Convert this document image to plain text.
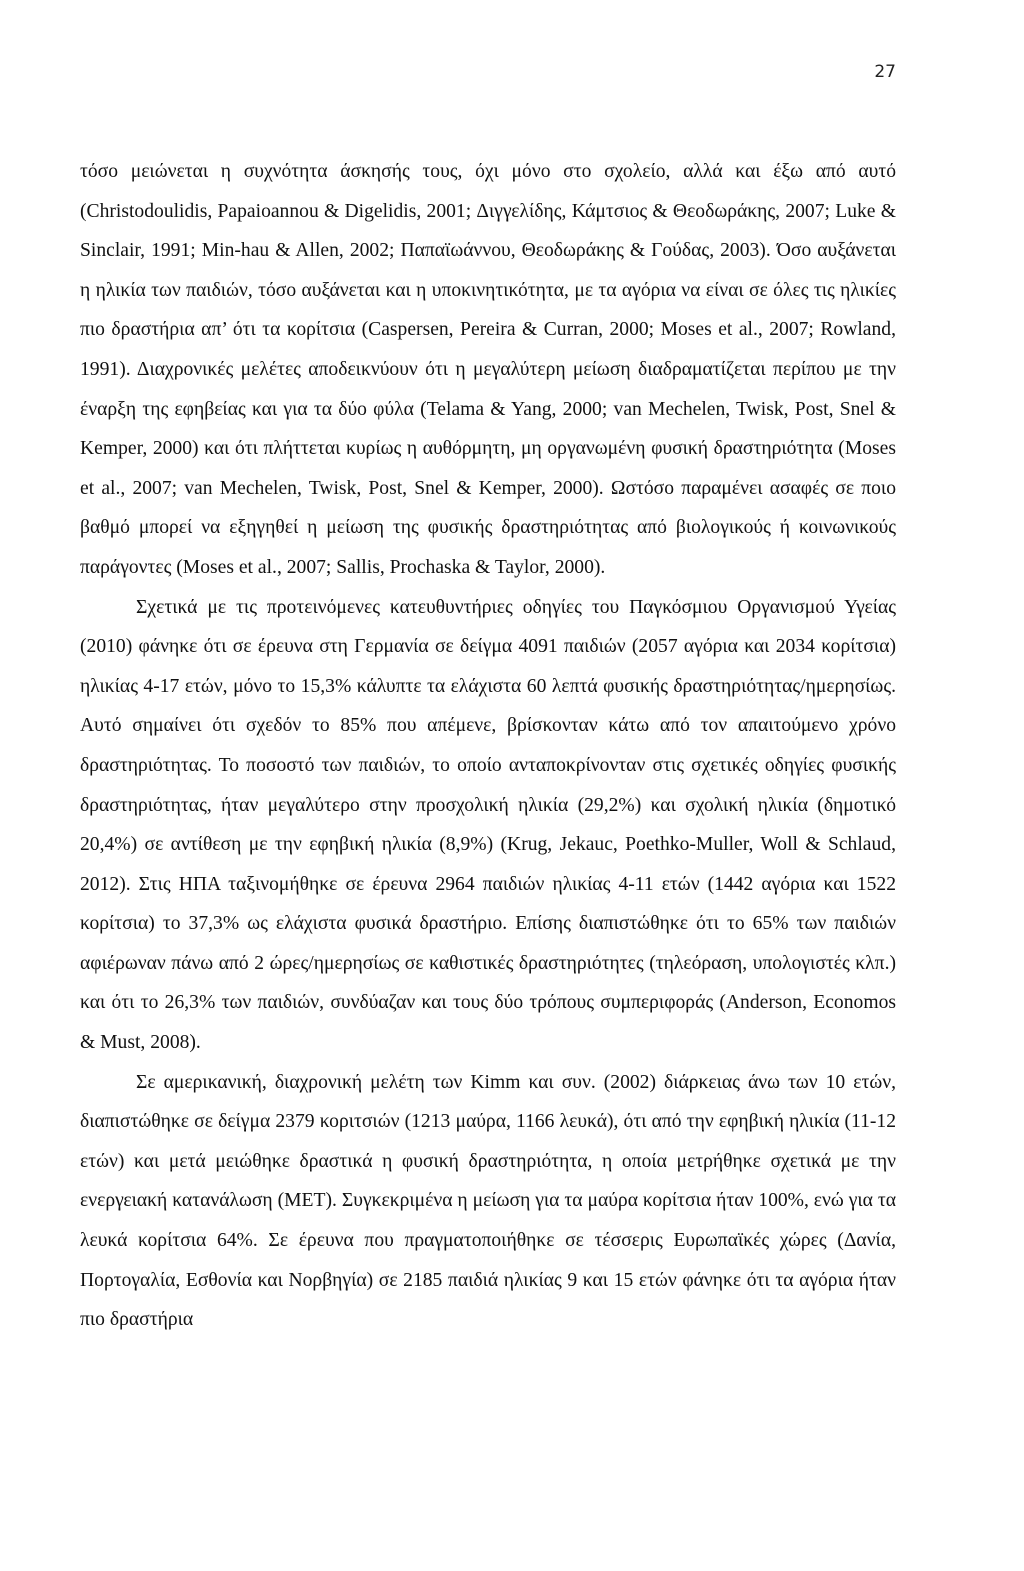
27

τόσο μειώνεται η συχνότητα άσκησής τους, όχι μόνο στο σχολείο, αλλά και έξω από αυτό (Christodoulidis, Papaioannou & Digelidis, 2001; Διγγελίδης, Κάμτσιος & Θεοδωράκης, 2007; Luke & Sinclair, 1991; Min-hau & Allen, 2002; Παπαϊωάννου, Θεοδωράκης & Γούδας, 2003). Όσο αυξάνεται η ηλικία των παιδιών, τόσο αυξάνεται και η υποκινητικότητα, με τα αγόρια να είναι σε όλες τις ηλικίες πιο δραστήρια απ’ ότι τα κορίτσια (Caspersen, Pereira & Curran, 2000; Moses et al., 2007; Rowland, 1991). Διαχρονικές μελέτες αποδεικνύουν ότι η μεγαλύτερη μείωση διαδραματίζεται περίπου με την έναρξη της εφηβείας και για τα δύο φύλα (Telama & Yang, 2000; van Mechelen, Twisk, Post, Snel & Kemper, 2000) και ότι πλήττεται κυρίως η αυθόρμητη, μη οργανωμένη φυσική δραστηριότητα (Moses et al., 2007; van Mechelen, Twisk, Post, Snel & Kemper, 2000). Ωστόσο παραμένει ασαφές σε ποιο βαθμό μπορεί να εξηγηθεί η μείωση της φυσικής δραστηριότητας από βιολογικούς ή κοινωνικούς παράγοντες (Moses et al., 2007; Sallis, Prochaska & Taylor, 2000).

Σχετικά με τις προτεινόμενες κατευθυντήριες οδηγίες του Παγκόσμιου Οργανισμού Υγείας (2010) φάνηκε ότι σε έρευνα στη Γερμανία σε δείγμα 4091 παιδιών (2057 αγόρια και 2034 κορίτσια) ηλικίας 4-17 ετών, μόνο το 15,3% κάλυπτε τα ελάχιστα 60 λεπτά φυσικής δραστηριότητας/ημερησίως. Αυτό σημαίνει ότι σχεδόν το 85% που απέμενε, βρίσκονταν κάτω από τον απαιτούμενο χρόνο δραστηριότητας. Το ποσοστό των παιδιών, το οποίο ανταποκρίνονταν στις σχετικές οδηγίες φυσικής δραστηριότητας, ήταν μεγαλύτερο στην προσχολική ηλικία (29,2%) και σχολική ηλικία (δημοτικό 20,4%) σε αντίθεση με την εφηβική ηλικία (8,9%) (Krug, Jekauc, Poethko-Muller, Woll & Schlaud, 2012). Στις ΗΠΑ ταξινομήθηκε σε έρευνα 2964 παιδιών ηλικίας 4-11 ετών (1442 αγόρια και 1522 κορίτσια) το 37,3% ως ελάχιστα φυσικά δραστήριο. Επίσης διαπιστώθηκε ότι το 65% των παιδιών αφιέρωναν πάνω από 2 ώρες/ημερησίως σε καθιστικές δραστηριότητες (τηλεόραση, υπολογιστές κλπ.) και ότι το 26,3% των παιδιών, συνδύαζαν και τους δύο τρόπους συμπεριφοράς (Anderson, Economos & Must, 2008).

Σε αμερικανική, διαχρονική μελέτη των Kimm και συν. (2002) διάρκειας άνω των 10 ετών, διαπιστώθηκε σε δείγμα 2379 κοριτσιών (1213 μαύρα, 1166 λευκά), ότι από την εφηβική ηλικία (11-12 ετών) και μετά μειώθηκε δραστικά η φυσική δραστηριότητα, η οποία μετρήθηκε σχετικά με την ενεργειακή κατανάλωση (MET). Συγκεκριμένα η μείωση για τα μαύρα κορίτσια ήταν 100%, ενώ για τα λευκά κορίτσια 64%. Σε έρευνα που πραγματοποιήθηκε σε τέσσερις Ευρωπαϊκές χώρες (Δανία, Πορτογαλία, Εσθονία και Νορβηγία) σε 2185 παιδιά ηλικίας 9 και 15 ετών φάνηκε ότι τα αγόρια ήταν πιο δραστήρια
